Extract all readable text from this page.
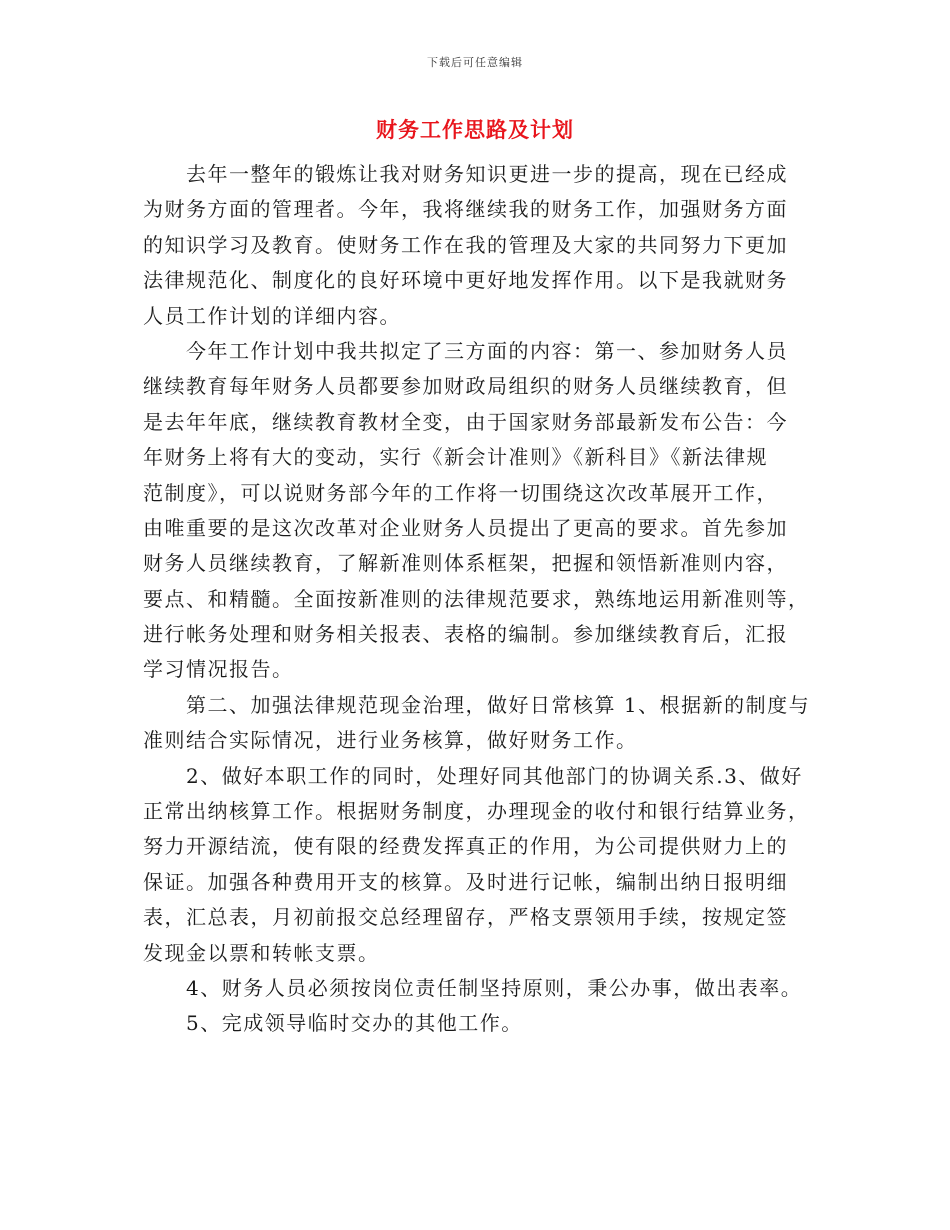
下载后可任意编辑
财务工作思路及计划
　　去年一整年的锻炼让我对财务知识更进一步的提高，现在已经成
为财务方面的管理者。今年，我将继续我的财务工作，加强财务方面
的知识学习及教育。使财务工作在我的管理及大家的共同努力下更加
法律规范化、制度化的良好环境中更好地发挥作用。以下是我就财务
人员工作计划的详细内容。
　　今年工作计划中我共拟定了三方面的内容：第一、参加财务人员
继续教育每年财务人员都要参加财政局组织的财务人员继续教育，但
是去年年底，继续教育教材全变，由于国家财务部最新发布公告：今
年财务上将有大的变动，实行《新会计准则》《新科目》《新法律规
范制度》，可以说财务部今年的工作将一切围绕这次改革展开工作，
由唯重要的是这次改革对企业财务人员提出了更高的要求。首先参加
财务人员继续教育，了解新准则体系框架，把握和领悟新准则内容，
要点、和精髓。全面按新准则的法律规范要求，熟练地运用新准则等，
进行帐务处理和财务相关报表、表格的编制。参加继续教育后，汇报
学习情况报告。
　　第二、加强法律规范现金治理，做好日常核算 1、根据新的制度与
准则结合实际情况，进行业务核算，做好财务工作。
　　2、做好本职工作的同时，处理好同其他部门的协调关系.3、做好
正常出纳核算工作。根据财务制度，办理现金的收付和银行结算业务，
努力开源结流，使有限的经费发挥真正的作用，为公司提供财力上的
保证。加强各种费用开支的核算。及时进行记帐，编制出纳日报明细
表，汇总表，月初前报交总经理留存，严格支票领用手续，按规定签
发现金以票和转帐支票。
　　4、财务人员必须按岗位责任制坚持原则，秉公办事，做出表率。
　　5、完成领导临时交办的其他工作。
